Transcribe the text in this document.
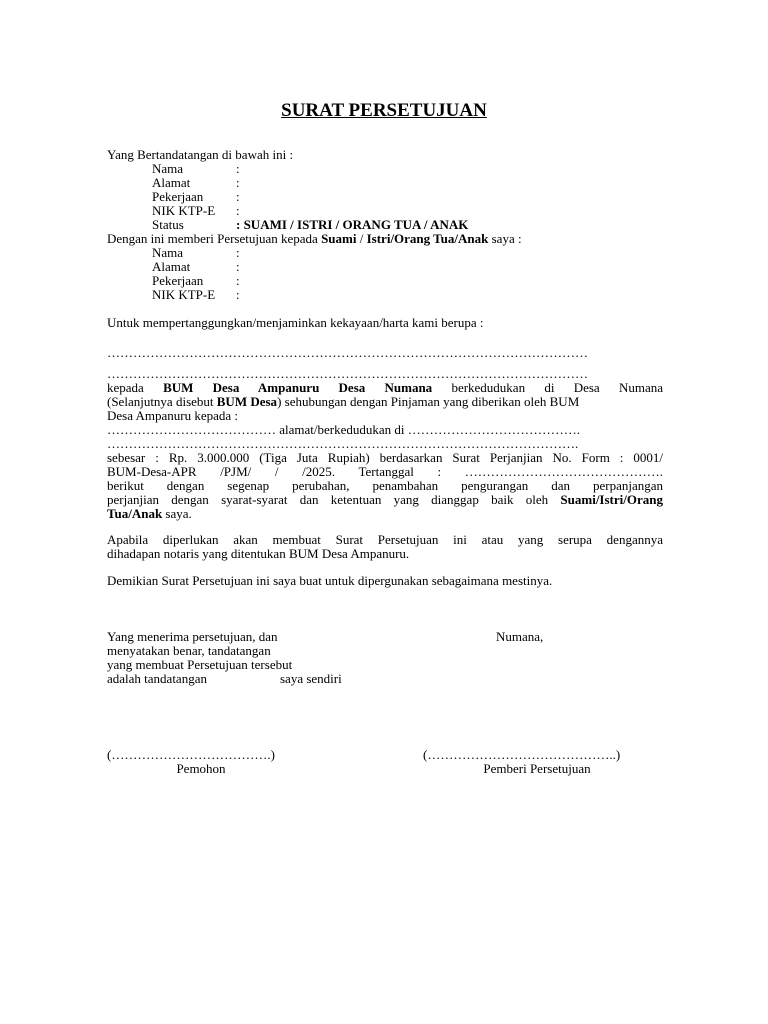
SURAT PERSETUJUAN
Yang Bertandatangan di bawah ini :
Nama	:
Alamat	:
Pekerjaan	:
NIK KTP-E :
Status	: SUAMI / ISTRI / ORANG TUA / ANAK
Dengan ini memberi Persetujuan kepada Suami / Istri/Orang Tua/Anak saya :
Nama	:
Alamat	:
Pekerjaan	:
NIK KTP-E :
Untuk mempertanggungkan/menjaminkan kekayaan/harta kami berupa :
…………………………………………………………………………………………………
…………………………………………………………………………………………………
kepada BUM Desa Ampanuru Desa Numana berkedudukan di Desa Numana
(Selanjutnya disebut BUM Desa) sehubungan dengan Pinjaman yang diberikan oleh BUM
Desa Ampanuru kepada :
………………………………… alamat/berkedudukan di ………………………………….
……………………………………………………………………………………………….
sebesar : Rp. 3.000.000 (Tiga Juta Rupiah) berdasarkan Surat Perjanjian No. Form : 0001/
BUM-Desa-APR /PJM/ / /2025. Tertanggal : ……………………………………….
berikut dengan segenap perubahan, penambahan pengurangan dan perpanjangan
perjanjian dengan syarat-syarat dan ketentuan yang dianggap baik oleh Suami/Istri/Orang
Tua/Anak saya.
Apabila diperlukan akan membuat Surat Persetujuan ini atau yang serupa dengannya
dihadapan notaris yang ditentukan BUM Desa Ampanuru.
Demikian Surat Persetujuan ini saya buat untuk dipergunakan sebagaimana mestinya.
Yang menerima persetujuan, dan
menyatakan benar, tandatangan
yang membuat Persetujuan tersebut
adalah tandatangan	saya sendiri
Numana,
(……………………………….)	(……………………………………..)
Pemohon	Pemberi Persetujuan
